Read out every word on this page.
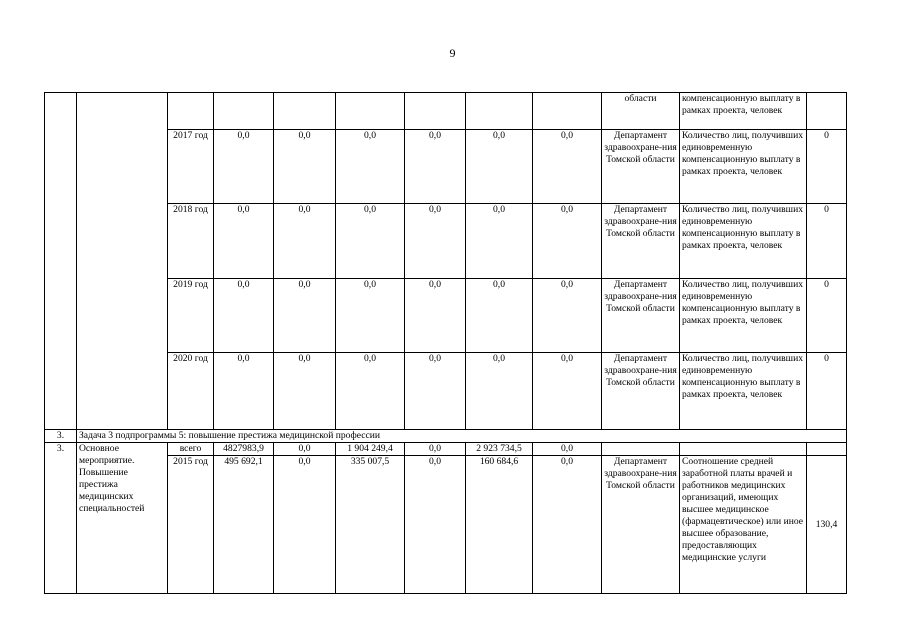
9
									области	компенсационную выплату в рамках проекта, человек	
		2017 год	0,0	0,0	0,0	0,0	0,0	0,0	Департамент здравоохране-ния Томской области	Количество лиц, получивших единовременную компенсационную выплату в рамках проекта, человек	0
		2018 год	0,0	0,0	0,0	0,0	0,0	0,0	Департамент здравоохране-ния Томской области	Количество лиц, получивших единовременную компенсационную выплату в рамках проекта, человек	0
		2019 год	0,0	0,0	0,0	0,0	0,0	0,0	Департамент здравоохране-ния Томской области	Количество лиц, получивших единовременную компенсационную выплату в рамках проекта, человек	0
		2020 год	0,0	0,0	0,0	0,0	0,0	0,0	Департамент здравоохране-ния Томской области	Количество лиц, получивших единовременную компенсационную выплату в рамках проекта, человек	0
3.	Задача 3 подпрограммы 5: повышение престижа медицинской профессии										
3.	Основное мероприятие. Повышение престижа медицинских специальностей	всего	4827983,9	0,0	1 904 249,4	0,0	2 923 734,5	0,0			
		2015 год	495 692,1	0,0	335 007,5	0,0	160 684,6	0,0	Департамент здравоохране-ния Томской области	Соотношение средней заработной платы врачей и работников медицинских организаций, имеющих высшее медицинское (фармацевтическое) или иное высшее образование, предоставляющих медицинские услуги	130,4
